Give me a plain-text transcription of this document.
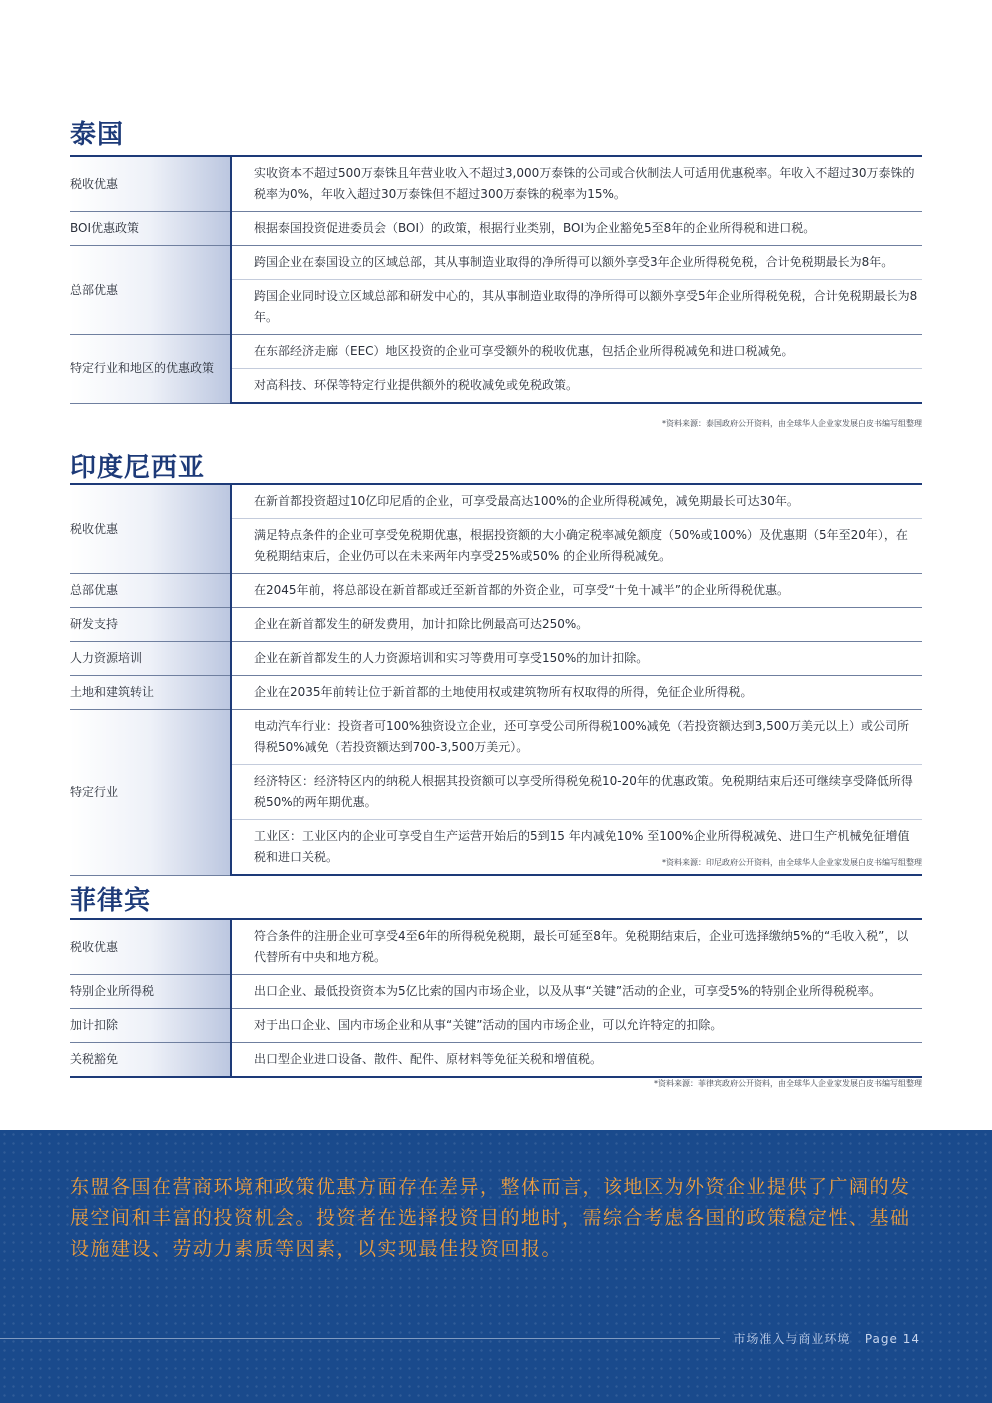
泰国
税收优惠	实收资本不超过500万泰铢且年营业收入不超过3,000万泰铢的公司或合伙制法人可适用优惠税率。年收入不超过30万泰铢的税率为0%，年收入超过30万泰铢但不超过300万泰铢的税率为15%。
BOI优惠政策	根据泰国投资促进委员会（BOI）的政策，根据行业类别，BOI为企业豁免5至8年的企业所得税和进口税。
总部优惠	跨国企业在泰国设立的区域总部，其从事制造业取得的净所得可以额外享受3年企业所得税免税，合计免税期最长为8年。
	跨国企业同时设立区域总部和研发中心的，其从事制造业取得的净所得可以额外享受5年企业所得税免税，合计免税期最长为8年。
特定行业和地区的优惠政策	在东部经济走廊（EEC）地区投资的企业可享受额外的税收优惠，包括企业所得税减免和进口税减免。
	对高科技、环保等特定行业提供额外的税收减免或免税政策。
*资料来源：泰国政府公开资料，由全球华人企业家发展白皮书编写组整理
印度尼西亚
税收优惠	在新首都投资超过10亿印尼盾的企业，可享受最高达100%的企业所得税减免，减免期最长可达30年。
	满足特点条件的企业可享受免税期优惠，根据投资额的大小确定税率减免额度（50%或100%）及优惠期（5年至20年），在免税期结束后，企业仍可以在未来两年内享受25%或50% 的企业所得税减免。
总部优惠	在2045年前，将总部设在新首都或迁至新首都的外资企业，可享受“十免十减半”的企业所得税优惠。
研发支持	企业在新首都发生的研发费用，加计扣除比例最高可达250%。
人力资源培训	企业在新首都发生的人力资源培训和实习等费用可享受150%的加计扣除。
土地和建筑转让	企业在2035年前转让位于新首都的土地使用权或建筑物所有权取得的所得，免征企业所得税。
特定行业	电动汽车行业：投资者可100%独资设立企业，还可享受公司所得税100%减免（若投资额达到3,500万美元以上）或公司所得税50%减免（若投资额达到700-3,500万美元）。
	经济特区：经济特区内的纳税人根据其投资额可以享受所得税免税10-20年的优惠政策。免税期结束后还可继续享受降低所得税50%的两年期优惠。
	工业区：工业区内的企业可享受自生产运营开始后的5到15 年内减免10% 至100%企业所得税减免、进口生产机械免征增值税和进口关税。	*资料来源：印尼政府公开资料，由全球华人企业家发展白皮书编写组整理
菲律宾
税收优惠	符合条件的注册企业可享受4至6年的所得税免税期，最长可延至8年。免税期结束后，企业可选择缴纳5%的“毛收入税”，以代替所有中央和地方税。
特别企业所得税	出口企业、最低投资资本为5亿比索的国内市场企业，以及从事“关键”活动的企业，可享受5%的特别企业所得税税率。
加计扣除	对于出口企业、国内市场企业和从事“关键”活动的国内市场企业，可以允许特定的扣除。
关税豁免	出口型企业进口设备、散件、配件、原材料等免征关税和增值税。
*资料来源：菲律宾政府公开资料，由全球华人企业家发展白皮书编写组整理
东盟各国在营商环境和政策优惠方面存在差异，整体而言，该地区为外资企业提供了广阔的发展空间和丰富的投资机会。投资者在选择投资目的地时，需综合考虑各国的政策稳定性、基础设施建设、劳动力素质等因素，以实现最佳投资回报。
市场准入与商业环境 Page 14
